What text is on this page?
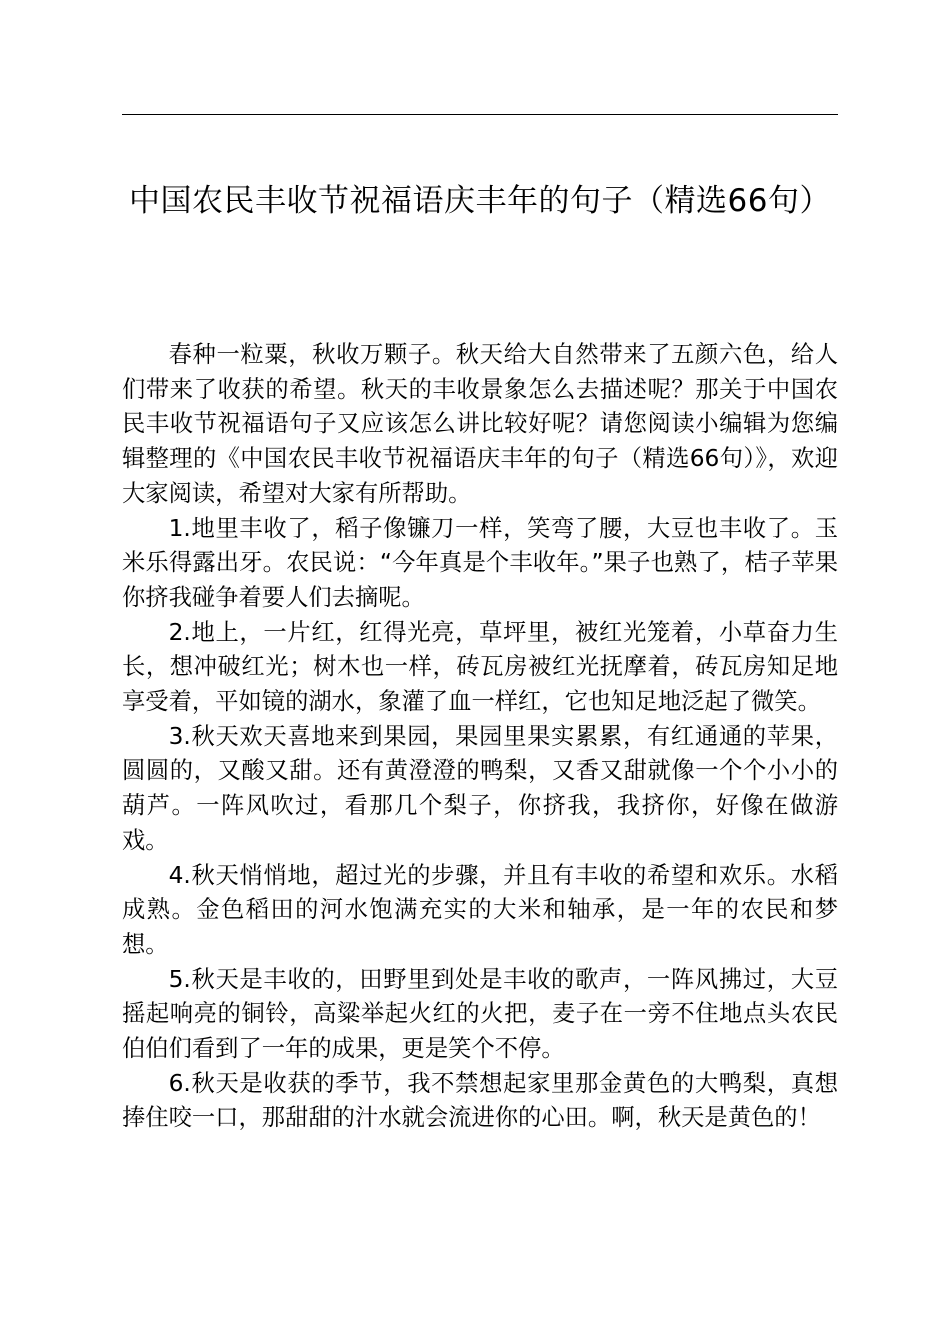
中国农民丰收节祝福语庆丰年的句子（精选66句）

春种一粒粟，秋收万颗子。秋天给大自然带来了五颜六色，给人们带来了收获的希望。秋天的丰收景象怎么去描述呢？那关于中国农民丰收节祝福语句子又应该怎么讲比较好呢？请您阅读小编辑为您编辑整理的《中国农民丰收节祝福语庆丰年的句子（精选66句）》，欢迎大家阅读，希望对大家有所帮助。

1.地里丰收了，稻子像镰刀一样，笑弯了腰，大豆也丰收了。玉米乐得露出牙。农民说：“今年真是个丰收年。”果子也熟了，桔子苹果你挤我碰争着要人们去摘呢。

2.地上，一片红，红得光亮，草坪里，被红光笼着，小草奋力生长，想冲破红光；树木也一样，砖瓦房被红光抚摩着，砖瓦房知足地享受着，平如镜的湖水，象灌了血一样红，它也知足地泛起了微笑。

3.秋天欢天喜地来到果园，果园里果实累累，有红通通的苹果，圆圆的，又酸又甜。还有黄澄澄的鸭梨，又香又甜就像一个个小小的葫芦。一阵风吹过，看那几个梨子，你挤我，我挤你，好像在做游戏。

4.秋天悄悄地，超过光的步骤，并且有丰收的希望和欢乐。水稻成熟。金色稻田的河水饱满充实的大米和轴承，是一年的农民和梦想。

5.秋天是丰收的，田野里到处是丰收的歌声，一阵风拂过，大豆摇起响亮的铜铃，高粱举起火红的火把，麦子在一旁不住地点头农民伯伯们看到了一年的成果，更是笑个不停。

6.秋天是收获的季节，我不禁想起家里那金黄色的大鸭梨，真想捧住咬一口，那甜甜的汁水就会流进你的心田。啊，秋天是黄色的！
